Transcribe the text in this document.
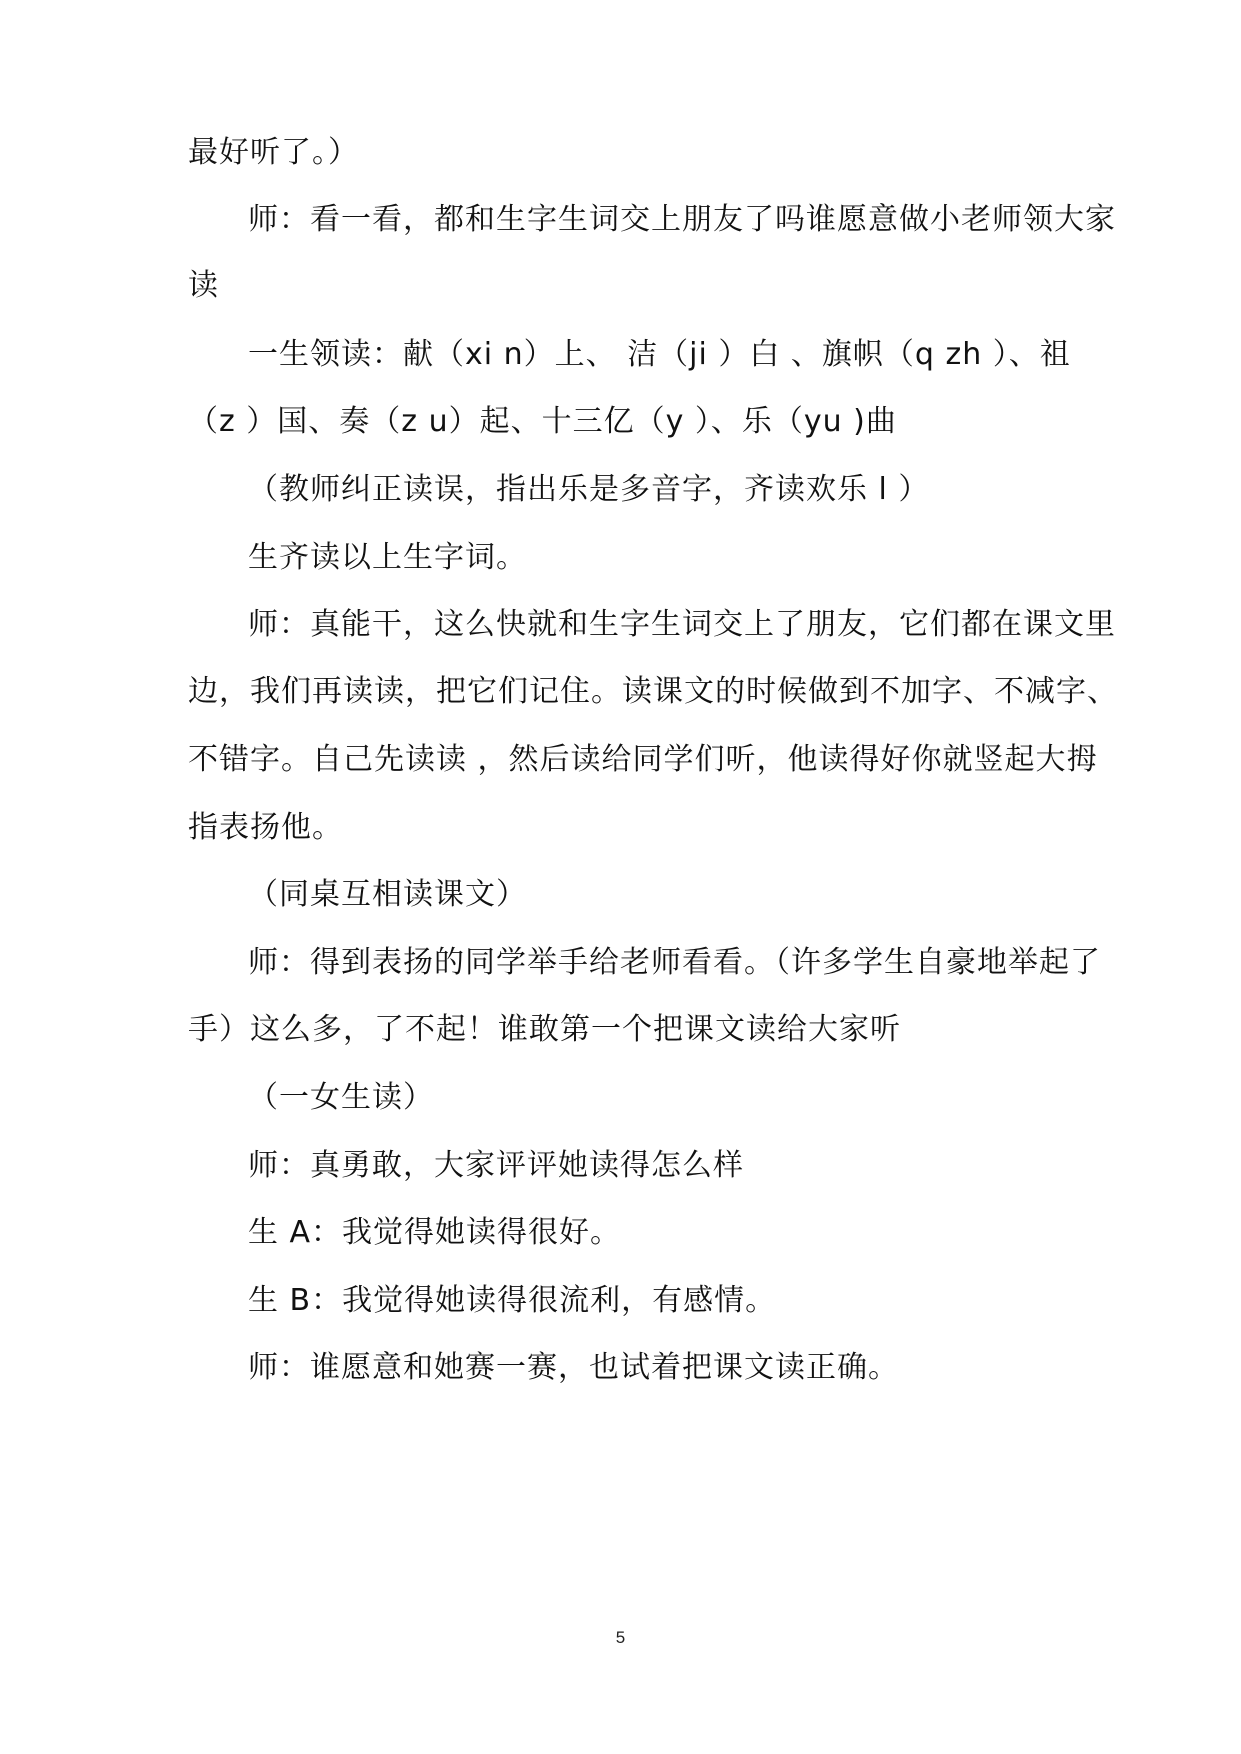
最好听了。）
师：看一看，都和生字生词交上朋友了吗谁愿意做小老师领大家
读
一生领读：献（xi n）上、 洁（ji ）白 、旗帜（q zh ）、祖
（z ）国、奏（z u）起、十三亿（y ）、乐（yu )曲
（教师纠正读误，指出乐是多音字，齐读欢乐 l ）
生齐读以上生字词。
师：真能干，这么快就和生字生词交上了朋友，它们都在课文里
边，我们再读读，把它们记住。读课文的时候做到不加字、不减字、
不错字。自己先读读 ，然后读给同学们听，他读得好你就竖起大拇
指表扬他。
（同桌互相读课文）
师：得到表扬的同学举手给老师看看。（许多学生自豪地举起了
手）这么多，了不起！谁敢第一个把课文读给大家听
（一女生读）
师：真勇敢，大家评评她读得怎么样
生 A：我觉得她读得很好。
生 B：我觉得她读得很流利，有感情。
师：谁愿意和她赛一赛，也试着把课文读正确。
5
